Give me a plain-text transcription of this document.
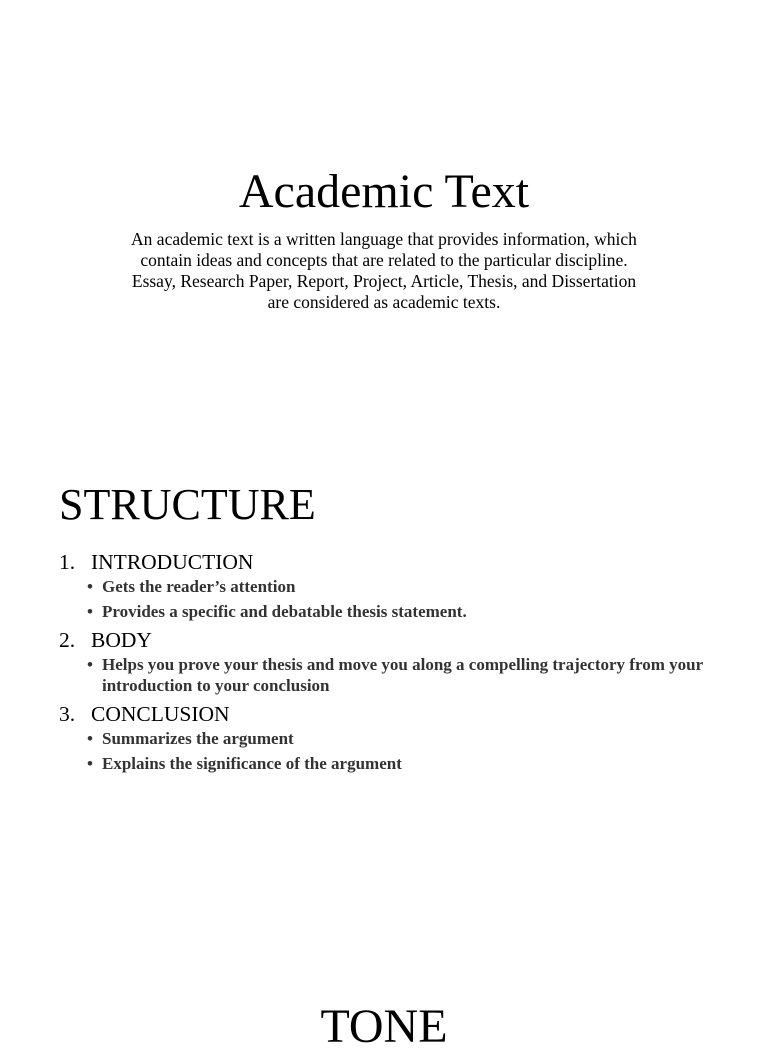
Academic Text

An academic text is a written language that provides information, which
contain ideas and concepts that are related to the particular discipline.
Essay, Research Paper, Report, Project, Article, Thesis, and Dissertation
are considered as academic texts.

STRUCTURE
1. INTRODUCTION
• Gets the reader’s attention
• Provides a specific and debatable thesis statement.
2. BODY
• Helps you prove your thesis and move you along a compelling trajectory from your introduction to your conclusion
3. CONCLUSION
• Summarizes the argument
• Explains the significance of the argument
TONE
